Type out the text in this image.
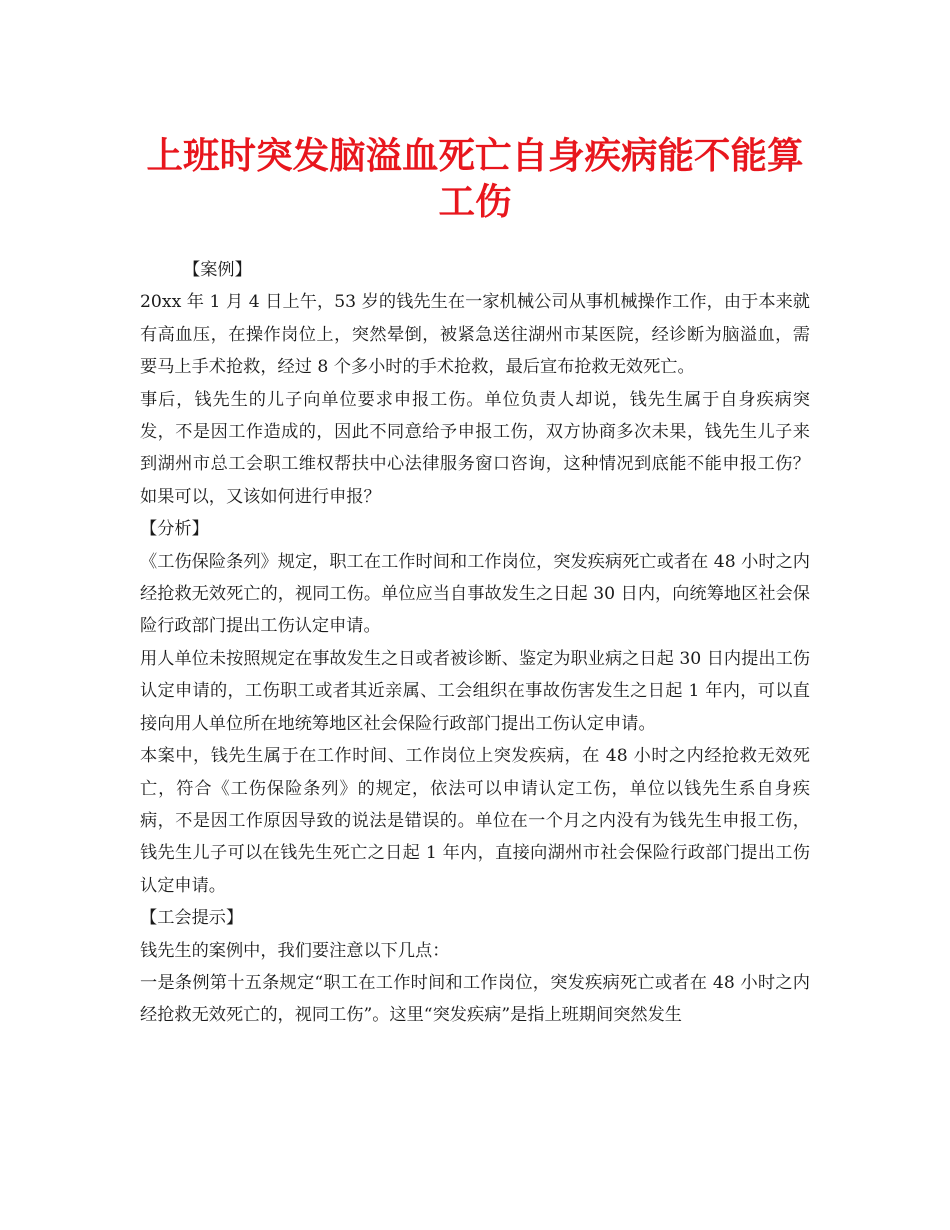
上班时突发脑溢血死亡自身疾病能不能算工伤

【案例】

20xx 年 1 月 4 日上午，53 岁的钱先生在一家机械公司从事机械操作工作，由于本来就有高血压，在操作岗位上，突然晕倒，被紧急送往湖州市某医院，经诊断为脑溢血，需要马上手术抢救，经过 8 个多小时的手术抢救，最后宣布抢救无效死亡。

事后，钱先生的儿子向单位要求申报工伤。单位负责人却说，钱先生属于自身疾病突发，不是因工作造成的，因此不同意给予申报工伤，双方协商多次未果，钱先生儿子来到湖州市总工会职工维权帮扶中心法律服务窗口咨询，这种情况到底能不能申报工伤？如果可以，又该如何进行申报？

【分析】

《工伤保险条列》规定，职工在工作时间和工作岗位，突发疾病死亡或者在 48 小时之内经抢救无效死亡的，视同工伤。单位应当自事故发生之日起 30 日内，向统筹地区社会保险行政部门提出工伤认定申请。

用人单位未按照规定在事故发生之日或者被诊断、鉴定为职业病之日起 30 日内提出工伤认定申请的，工伤职工或者其近亲属、工会组织在事故伤害发生之日起 1 年内，可以直接向用人单位所在地统筹地区社会保险行政部门提出工伤认定申请。

本案中，钱先生属于在工作时间、工作岗位上突发疾病，在 48 小时之内经抢救无效死亡，符合《工伤保险条列》的规定，依法可以申请认定工伤，单位以钱先生系自身疾病，不是因工作原因导致的说法是错误的。单位在一个月之内没有为钱先生申报工伤，钱先生儿子可以在钱先生死亡之日起 1 年内，直接向湖州市社会保险行政部门提出工伤认定申请。

【工会提示】

钱先生的案例中，我们要注意以下几点：

一是条例第十五条规定“职工在工作时间和工作岗位，突发疾病死亡或者在 48 小时之内经抢救无效死亡的，视同工伤”。这里“突发疾病”是指上班期间突然发生
